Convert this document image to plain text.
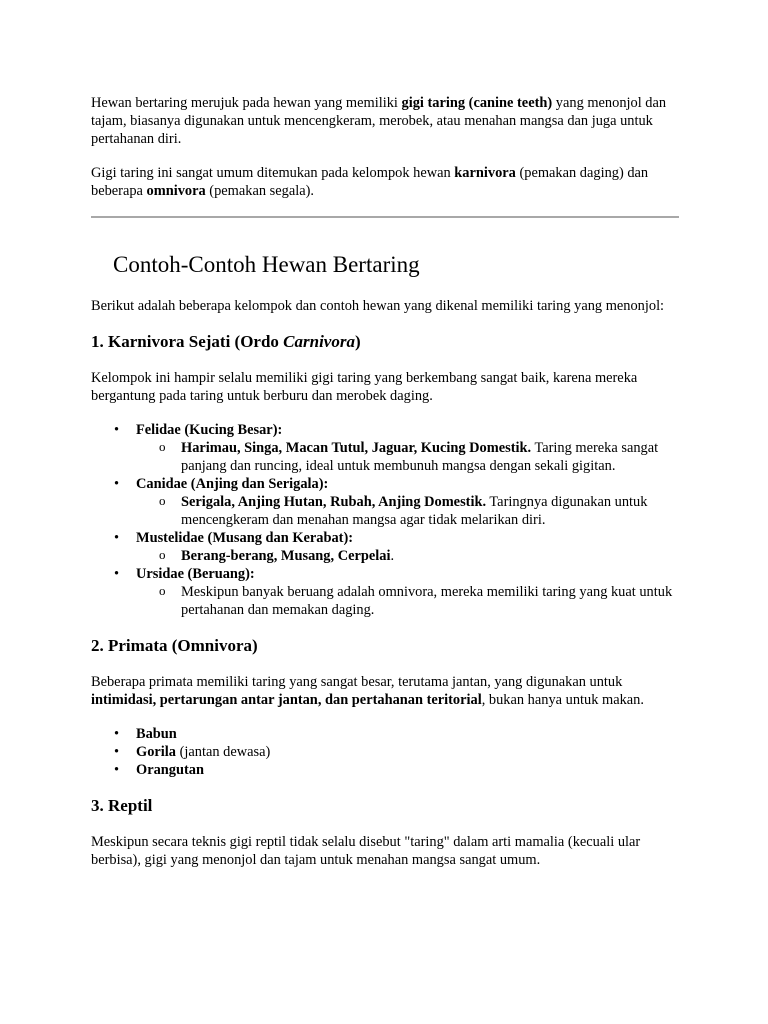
Hewan bertaring merujuk pada hewan yang memiliki gigi taring (canine teeth) yang menonjol dan tajam, biasanya digunakan untuk mencengkeram, merobek, atau menahan mangsa dan juga untuk pertahanan diri.

Gigi taring ini sangat umum ditemukan pada kelompok hewan karnivora (pemakan daging) dan beberapa omnivora (pemakan segala).

Contoh-Contoh Hewan Bertaring

Berikut adalah beberapa kelompok dan contoh hewan yang dikenal memiliki taring yang menonjol:

1. Karnivora Sejati (Ordo Carnivora)

Kelompok ini hampir selalu memiliki gigi taring yang berkembang sangat baik, karena mereka bergantung pada taring untuk berburu dan merobek daging.

• Felidae (Kucing Besar):
o Harimau, Singa, Macan Tutul, Jaguar, Kucing Domestik. Taring mereka sangat panjang dan runcing, ideal untuk membunuh mangsa dengan sekali gigitan.
• Canidae (Anjing dan Serigala):
o Serigala, Anjing Hutan, Rubah, Anjing Domestik. Taringnya digunakan untuk mencengkeram dan menahan mangsa agar tidak melarikan diri.
• Mustelidae (Musang dan Kerabat):
o Berang-berang, Musang, Cerpelai.
• Ursidae (Beruang):
o Meskipun banyak beruang adalah omnivora, mereka memiliki taring yang kuat untuk pertahanan dan memakan daging.
2. Primata (Omnivora)

Beberapa primata memiliki taring yang sangat besar, terutama jantan, yang digunakan untuk intimidasi, pertarungan antar jantan, dan pertahanan teritorial, bukan hanya untuk makan.

• Babun
• Gorila (jantan dewasa)
• Orangutan
3. Reptil

Meskipun secara teknis gigi reptil tidak selalu disebut "taring" dalam arti mamalia (kecuali ular berbisa), gigi yang menonjol dan tajam untuk menahan mangsa sangat umum.
